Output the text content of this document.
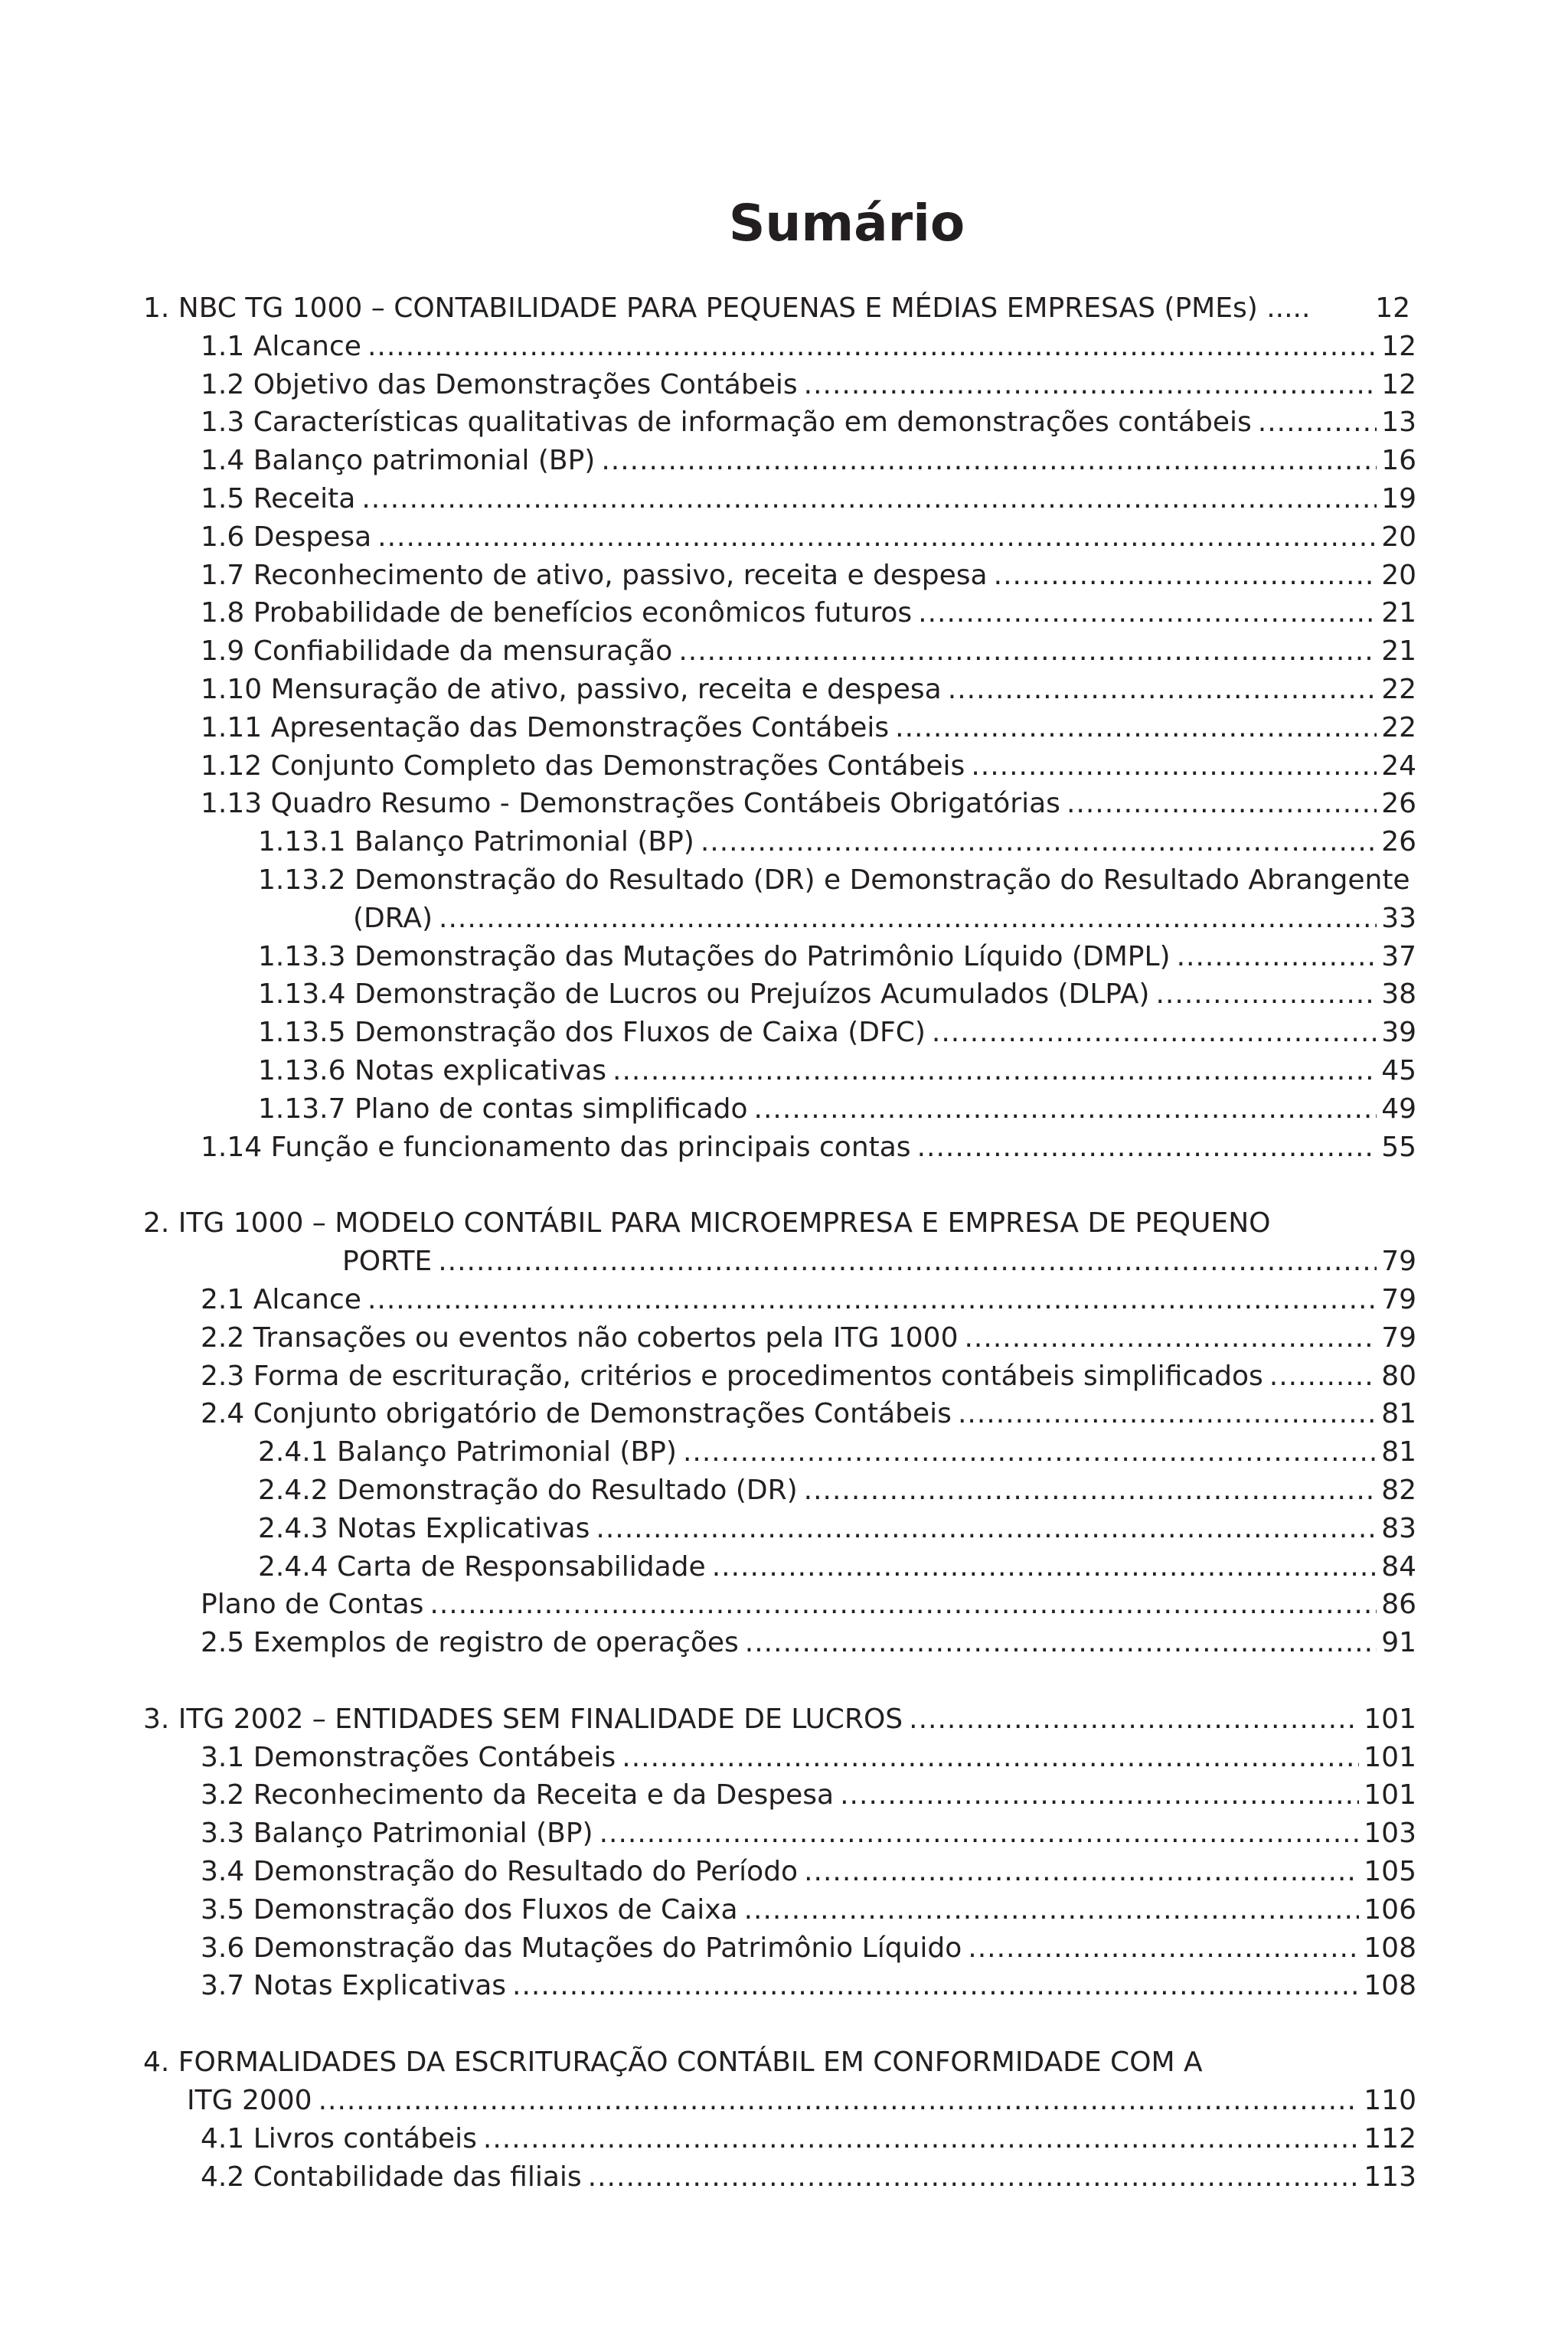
Sumário
1. NBC TG 1000 – CONTABILIDADE PARA PEQUENAS E MÉDIAS EMPRESAS (PMEs) ..... 12
1.1 Alcance .....	12
1.2 Objetivo das Demonstrações Contábeis .....	12
1.3 Características qualitativas de informação em demonstrações contábeis .....	13
1.4 Balanço patrimonial (BP) .....	16
1.5 Receita .....	19
1.6 Despesa .....	20
1.7 Reconhecimento de ativo, passivo, receita e despesa .....	20
1.8 Probabilidade de benefícios econômicos futuros .....	21
1.9 Confiabilidade da mensuração .....	21
1.10 Mensuração de ativo, passivo, receita e despesa .....	22
1.11 Apresentação das Demonstrações Contábeis .....	22
1.12 Conjunto Completo das Demonstrações Contábeis .....	24
1.13 Quadro Resumo - Demonstrações Contábeis Obrigatórias .....	26
1.13.1 Balanço Patrimonial (BP) .....	26
1.13.2 Demonstração do Resultado (DR) e Demonstração do Resultado Abrangente
(DRA) .....	33
1.13.3 Demonstração das Mutações do Patrimônio Líquido (DMPL) .....	37
1.13.4 Demonstração de Lucros ou Prejuízos Acumulados (DLPA) .....	38
1.13.5 Demonstração dos Fluxos de Caixa (DFC) .....	39
1.13.6 Notas explicativas .....	45
1.13.7 Plano de contas simplificado .....	49
1.14 Função e funcionamento das principais contas .....	55
2. ITG 1000 – MODELO CONTÁBIL PARA MICROEMPRESA E EMPRESA DE PEQUENO
PORTE .....	79
2.1 Alcance .....	79
2.2 Transações ou eventos não cobertos pela ITG 1000 .....	79
2.3 Forma de escrituração, critérios e procedimentos contábeis simplificados .....	80
2.4 Conjunto obrigatório de Demonstrações Contábeis .....	81
2.4.1 Balanço Patrimonial (BP) .....	81
2.4.2 Demonstração do Resultado (DR) .....	82
2.4.3 Notas Explicativas .....	83
2.4.4 Carta de Responsabilidade .....	84
Plano de Contas .....	86
2.5 Exemplos de registro de operações .....	91
3. ITG 2002 – ENTIDADES SEM FINALIDADE DE LUCROS .....	101
3.1 Demonstrações Contábeis .....	101
3.2 Reconhecimento da Receita e da Despesa .....	101
3.3 Balanço Patrimonial (BP) .....	103
3.4 Demonstração do Resultado do Período .....	105
3.5 Demonstração dos Fluxos de Caixa .....	106
3.6 Demonstração das Mutações do Patrimônio Líquido .....	108
3.7 Notas Explicativas .....	108
4. FORMALIDADES DA ESCRITURAÇÃO CONTÁBIL EM CONFORMIDADE COM A
ITG 2000 .....	110
4.1 Livros contábeis .....	112
4.2 Contabilidade das filiais .....	113
